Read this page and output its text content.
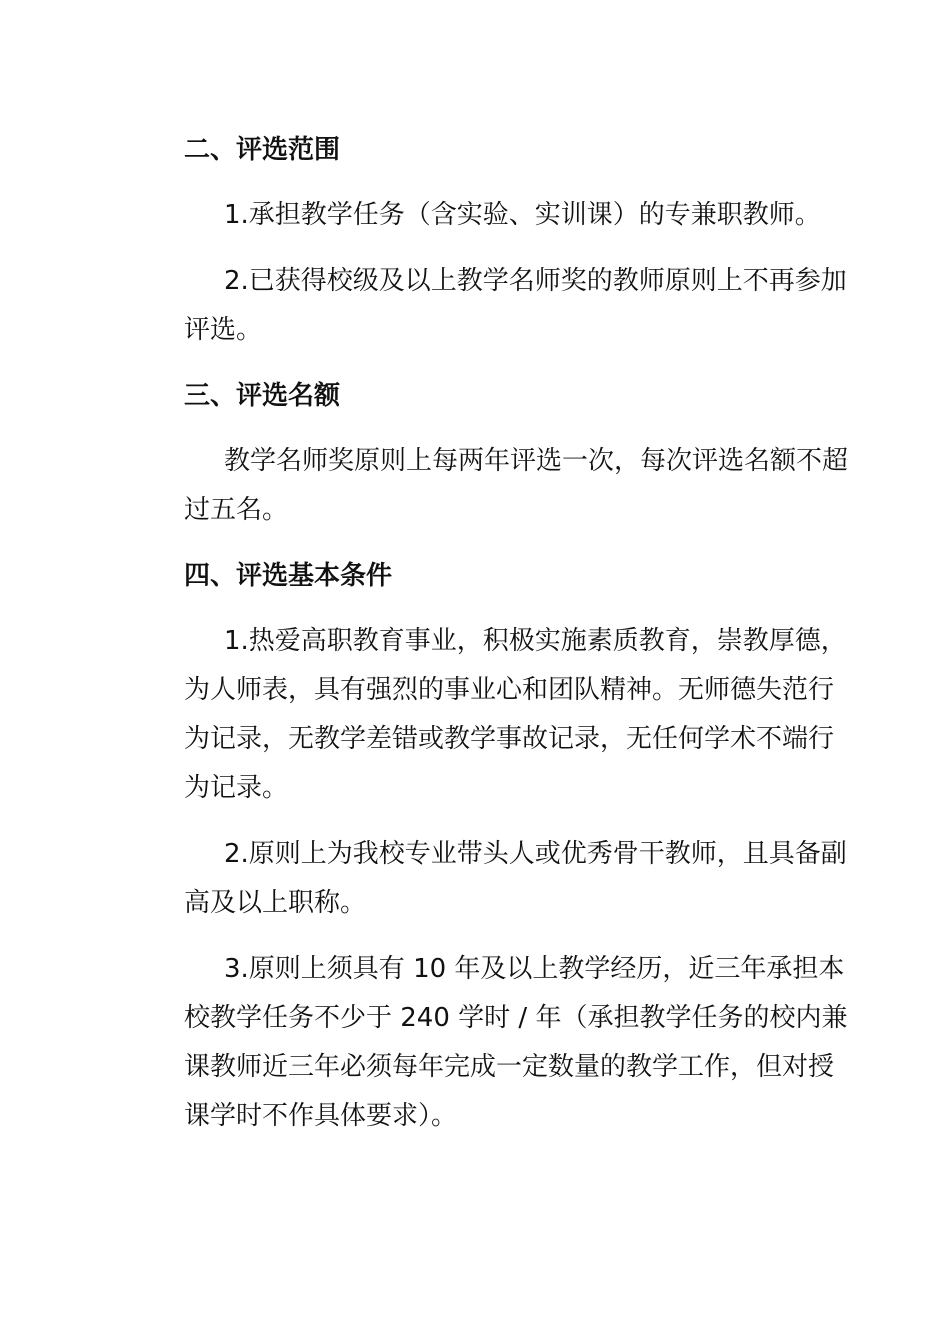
二、评选范围
1.承担教学任务（含实验、实训课）的专兼职教师。
2.已获得校级及以上教学名师奖的教师原则上不再参加
评选。
三、评选名额
教学名师奖原则上每两年评选一次，每次评选名额不超
过五名。
四、评选基本条件
1.热爱高职教育事业，积极实施素质教育，崇教厚德，
为人师表，具有强烈的事业心和团队精神。无师德失范行
为记录，无教学差错或教学事故记录，无任何学术不端行
为记录。
2.原则上为我校专业带头人或优秀骨干教师，且具备副
高及以上职称。
3.原则上须具有 10 年及以上教学经历，近三年承担本
校教学任务不少于 240 学时 / 年（承担教学任务的校内兼
课教师近三年必须每年完成一定数量的教学工作，但对授
课学时不作具体要求）。
